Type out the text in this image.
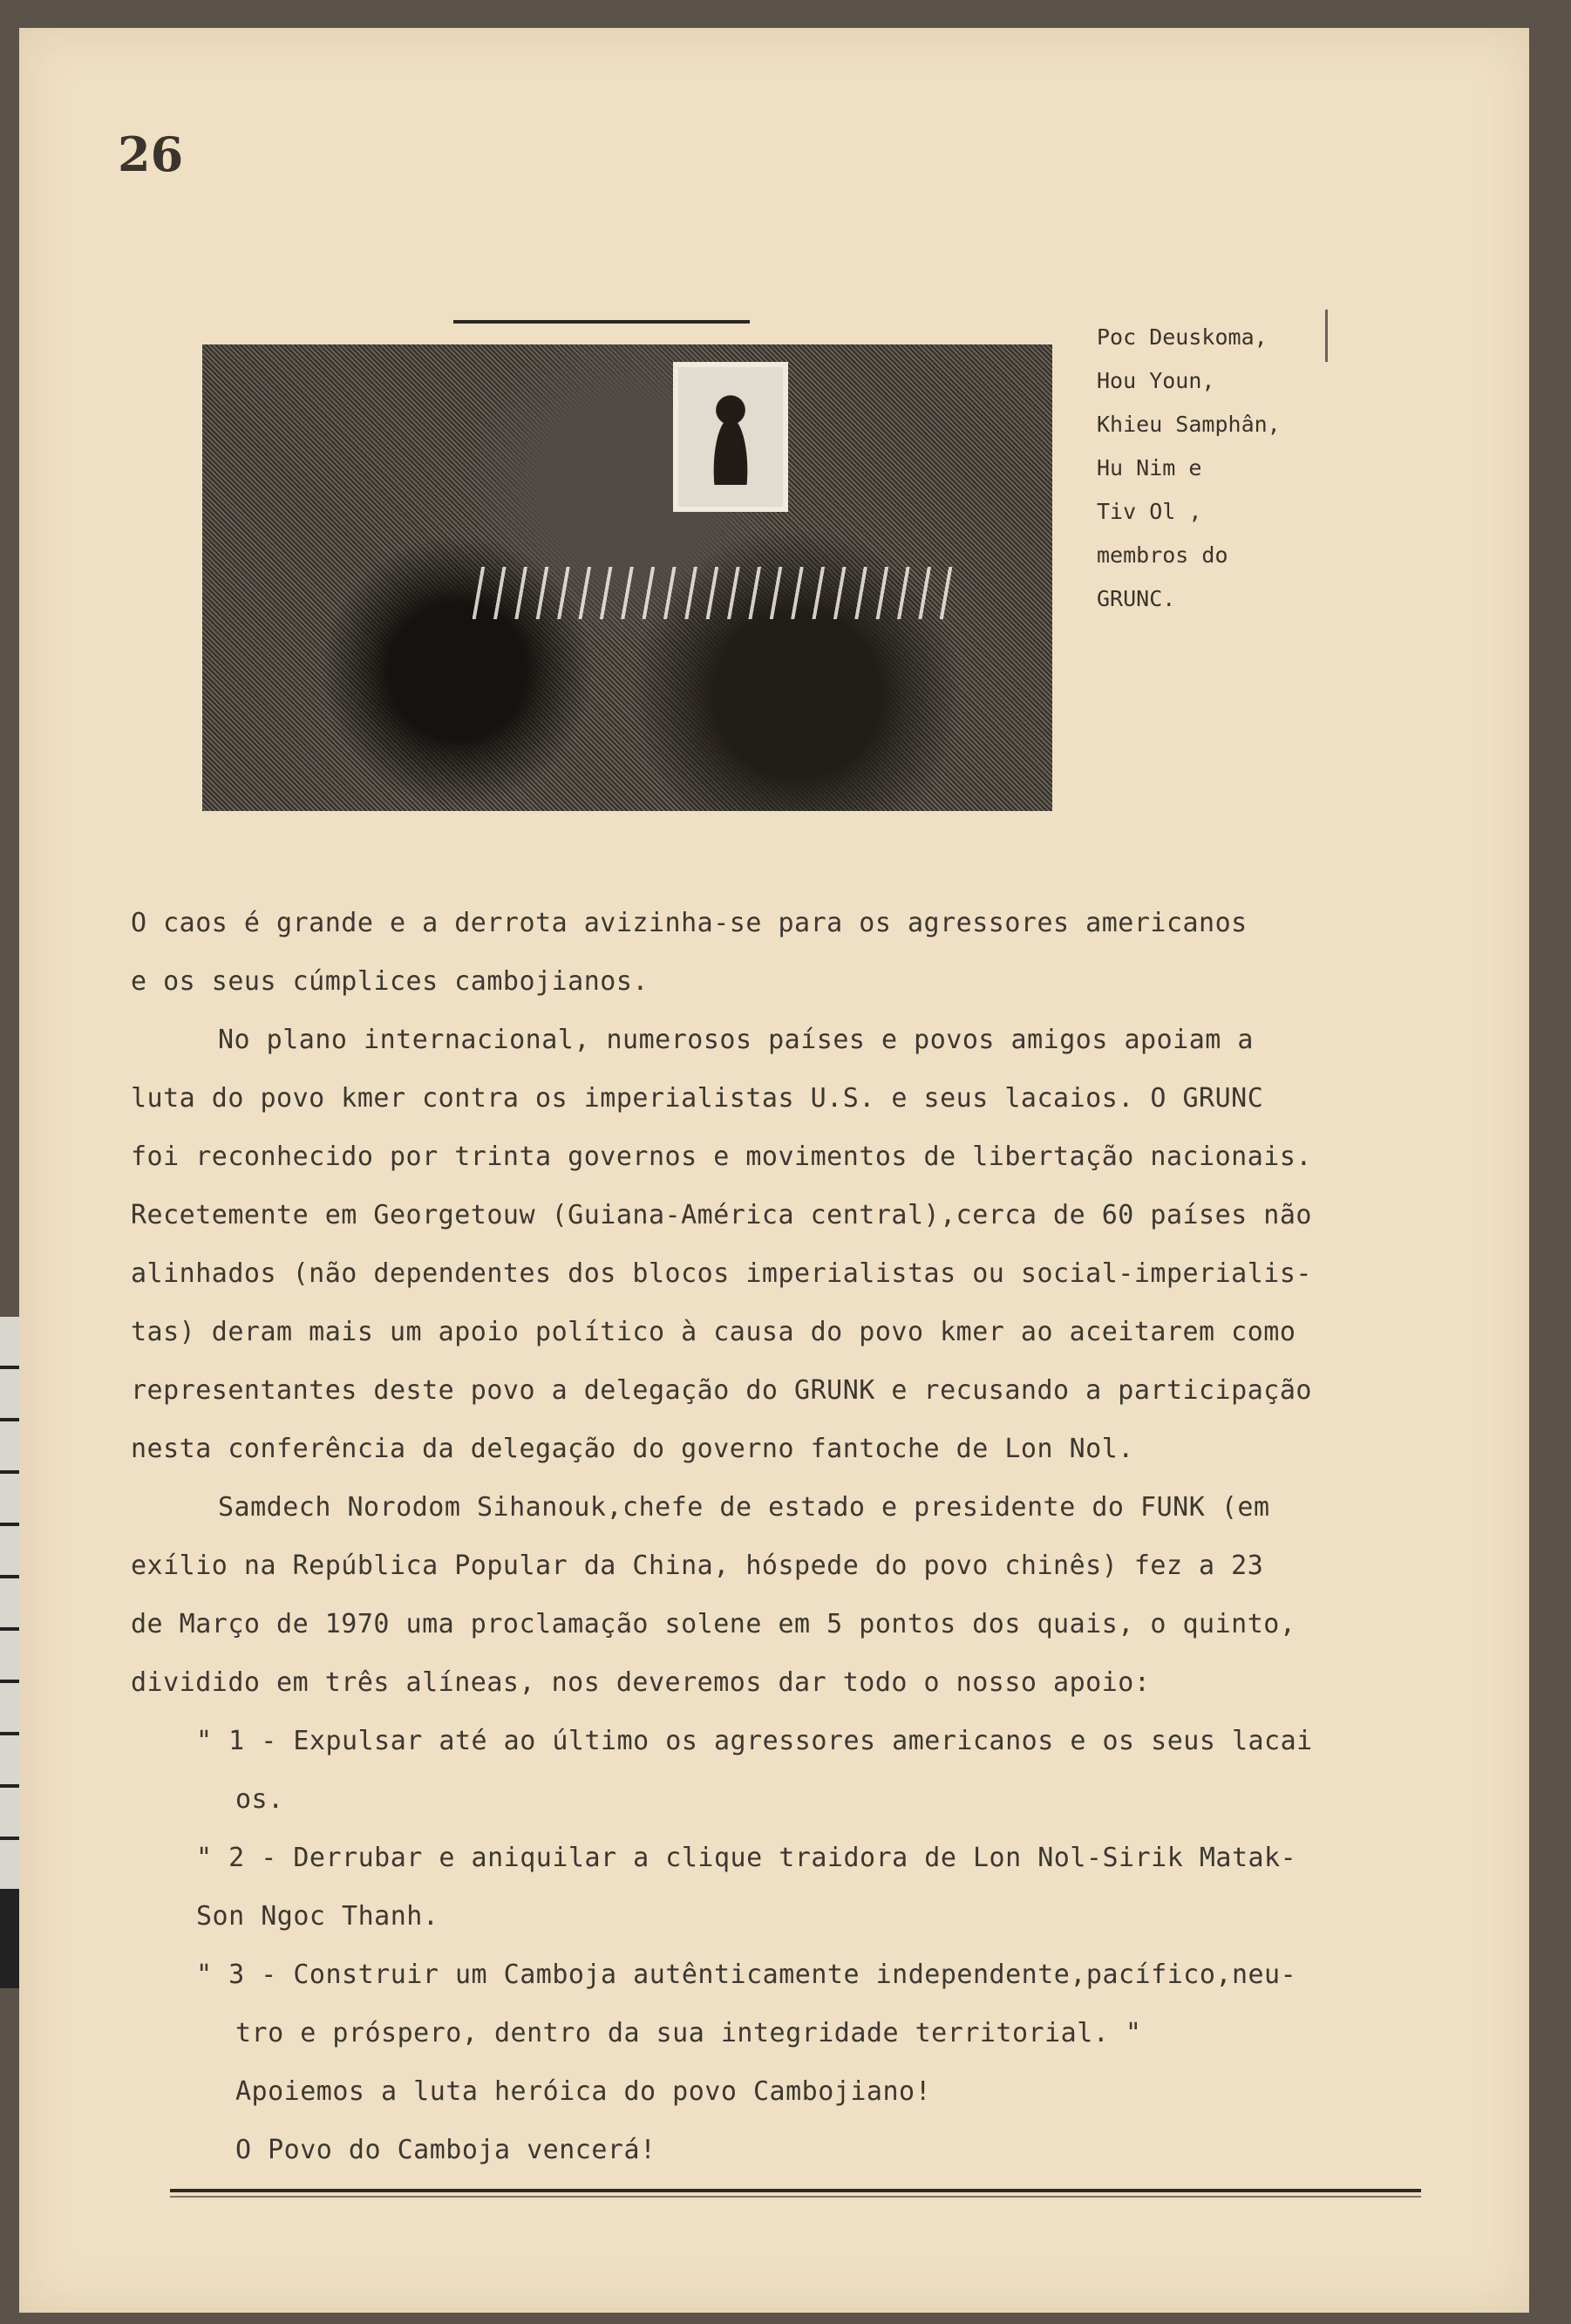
26
Poc Deuskoma,
Hou Youn,
Khieu Samphân,
Hu Nim e
Tiv Ol ,
membros do
GRUNC.

O caos é grande e a derrota avizinha-se para os agressores americanos

e os seus cúmplices cambojianos.

No plano internacional, numerosos países e povos amigos apoiam a

luta do povo kmer contra os imperialistas U.S. e seus lacaios. O GRUNC

foi reconhecido por trinta governos e movimentos de libertação nacionais.

Recetemente em Georgetouw (Guiana-América central),cerca de 60 países não

alinhados (não dependentes dos blocos imperialistas ou social-imperialis-

tas) deram mais um apoio político à causa do povo kmer ao aceitarem como

representantes deste povo a delegação do GRUNK e recusando a participação

nesta conferência da delegação do governo fantoche de Lon Nol.

Samdech Norodom Sihanouk,chefe de estado e presidente do FUNK (em

exílio na República Popular da China, hóspede do povo chinês) fez a 23

de Março de 1970 uma proclamação solene em 5 pontos dos quais, o quinto,

dividido em três alíneas, nos deveremos dar todo o nosso apoio:

" 1 - Expulsar até ao último os agressores americanos e os seus lacai

os.

" 2 - Derrubar e aniquilar a clique traidora de Lon Nol-Sirik Matak-

Son Ngoc Thanh.

" 3 - Construir um Camboja autênticamente independente,pacífico,neu-

tro e próspero, dentro da sua integridade territorial. "

Apoiemos a luta heróica do povo Cambojiano!

O Povo do Camboja vencerá!
